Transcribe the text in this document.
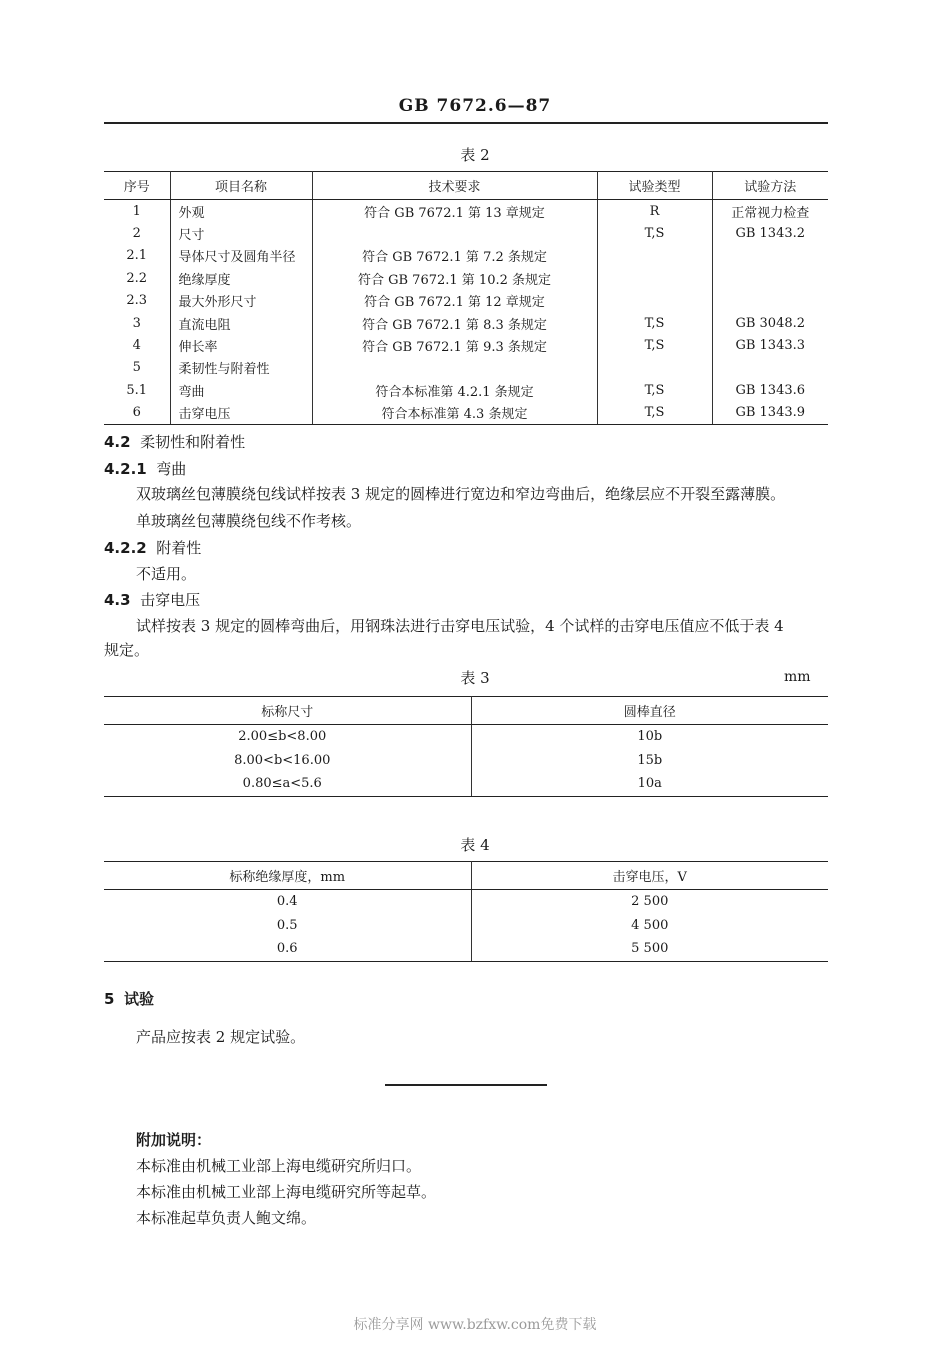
GB 7672.6—87
表 2
序号	项目名称	技术要求	试验类型	试验方法
1	外观	符合 GB 7672.1 第 13 章规定	R	正常视力检查
2	尺寸		T,S	GB 1343.2
2.1	导体尺寸及圆角半径	符合 GB 7672.1 第 7.2 条规定		
2.2	绝缘厚度	符合 GB 7672.1 第 10.2 条规定		
2.3	最大外形尺寸	符合 GB 7672.1 第 12 章规定		
3	直流电阻	符合 GB 7672.1 第 8.3 条规定	T,S	GB 3048.2
4	伸长率	符合 GB 7672.1 第 9.3 条规定	T,S	GB 1343.3
5	柔韧性与附着性			
5.1	弯曲	符合本标准第 4.2.1 条规定	T,S	GB 1343.6
6	击穿电压	符合本标准第 4.3 条规定	T,S	GB 1343.9
4.2 柔韧性和附着性
4.2.1 弯曲
双玻璃丝包薄膜绕包线试样按表 3 规定的圆棒进行宽边和窄边弯曲后，绝缘层应不开裂至露薄膜。
单玻璃丝包薄膜绕包线不作考核。
4.2.2 附着性
不适用。
4.3 击穿电压
试样按表 3 规定的圆棒弯曲后，用钢珠法进行击穿电压试验，4 个试样的击穿电压值应不低于表 4
规定。
表 3	mm
标称尺寸	圆棒直径
2.00≤b<8.00	10b
8.00<b<16.00	15b
0.80≤a<5.6	10a
表 4
标称绝缘厚度，mm	击穿电压，V
0.4	2 500
0.5	4 500
0.6	5 500
5 试验
产品应按表 2 规定试验。
附加说明：
本标准由机械工业部上海电缆研究所归口。
本标准由机械工业部上海电缆研究所等起草。
本标准起草负责人鲍文绵。
标准分享网 www.bzfxw.com免费下载
